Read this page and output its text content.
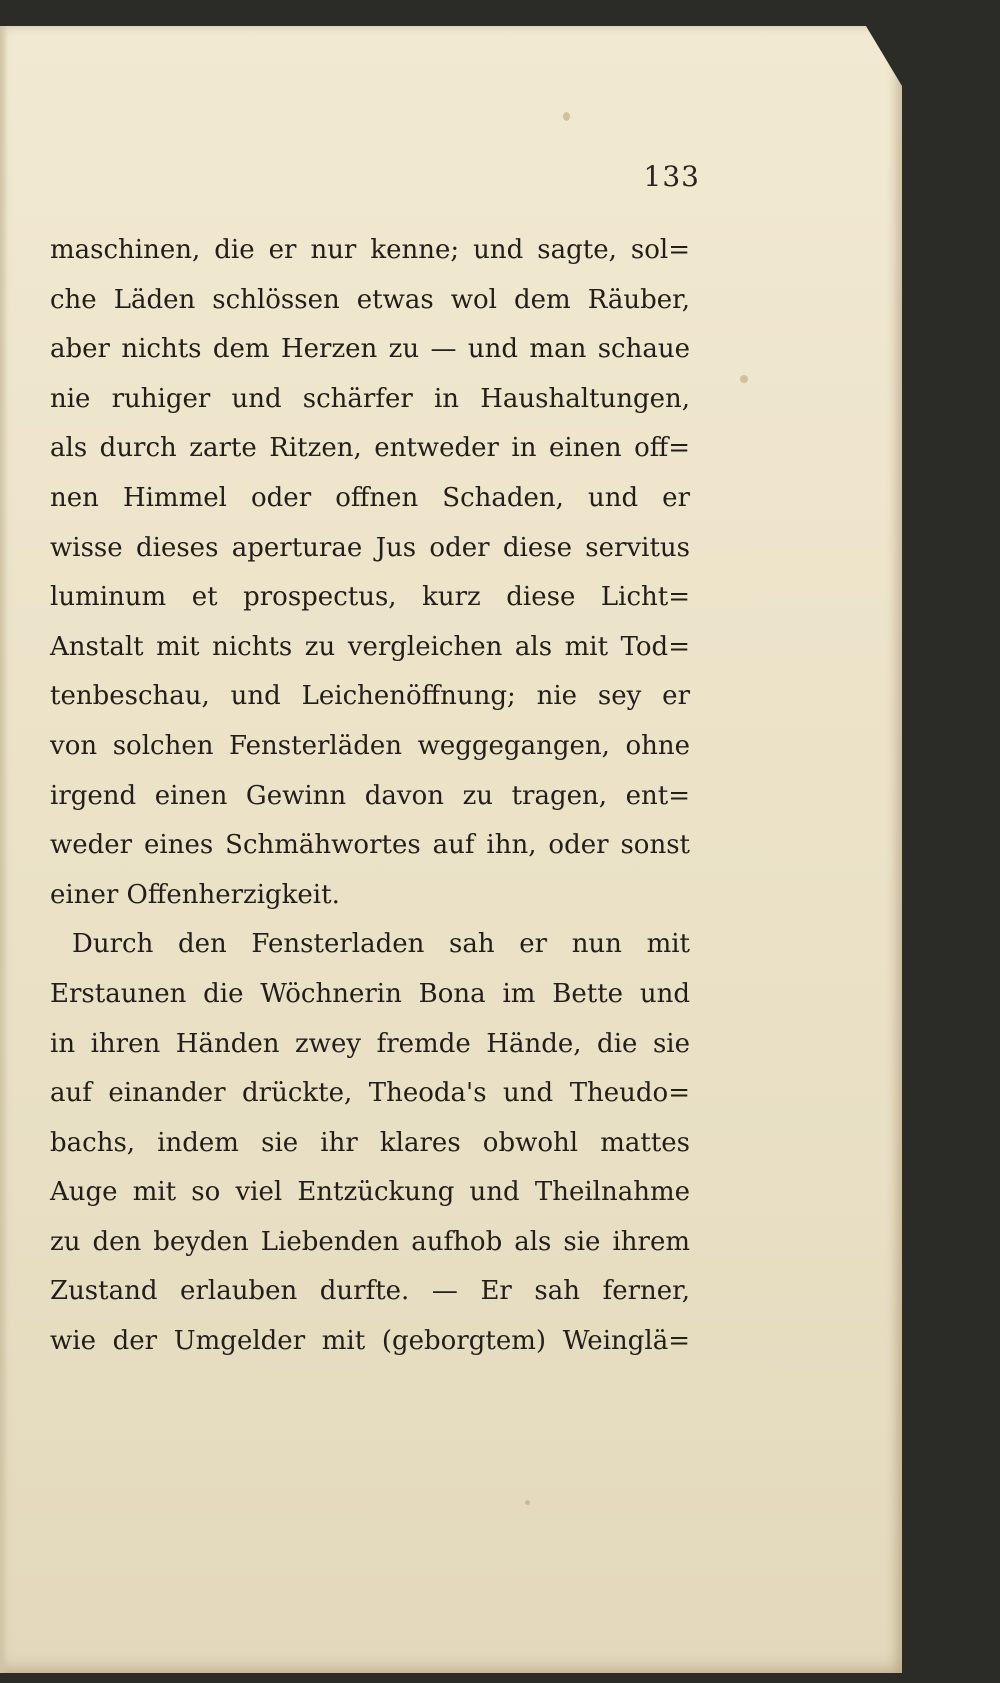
133
maschinen, die er nur kenne; und sagte, sol=
che Läden schlössen etwas wol dem Räuber,
aber nichts dem Herzen zu — und man schaue
nie ruhiger und schärfer in Haushaltungen,
als durch zarte Ritzen, entweder in einen off=
nen Himmel oder offnen Schaden, und er
wisse dieses aperturae Jus oder diese servitus
luminum et prospectus, kurz diese Licht=
Anstalt mit nichts zu vergleichen als mit Tod=
tenbeschau, und Leichenöffnung; nie sey er
von solchen Fensterläden weggegangen, ohne
irgend einen Gewinn davon zu tragen, ent=
weder eines Schmähwortes auf ihn, oder sonst
einer Offenherzigkeit.
Durch den Fensterladen sah er nun mit
Erstaunen die Wöchnerin Bona im Bette und
in ihren Händen zwey fremde Hände, die sie
auf einander drückte, Theoda's und Theudo=
bachs, indem sie ihr klares obwohl mattes
Auge mit so viel Entzückung und Theilnahme
zu den beyden Liebenden aufhob als sie ihrem
Zustand erlauben durfte. — Er sah ferner,
wie der Umgelder mit (geborgtem) Weinglä=
